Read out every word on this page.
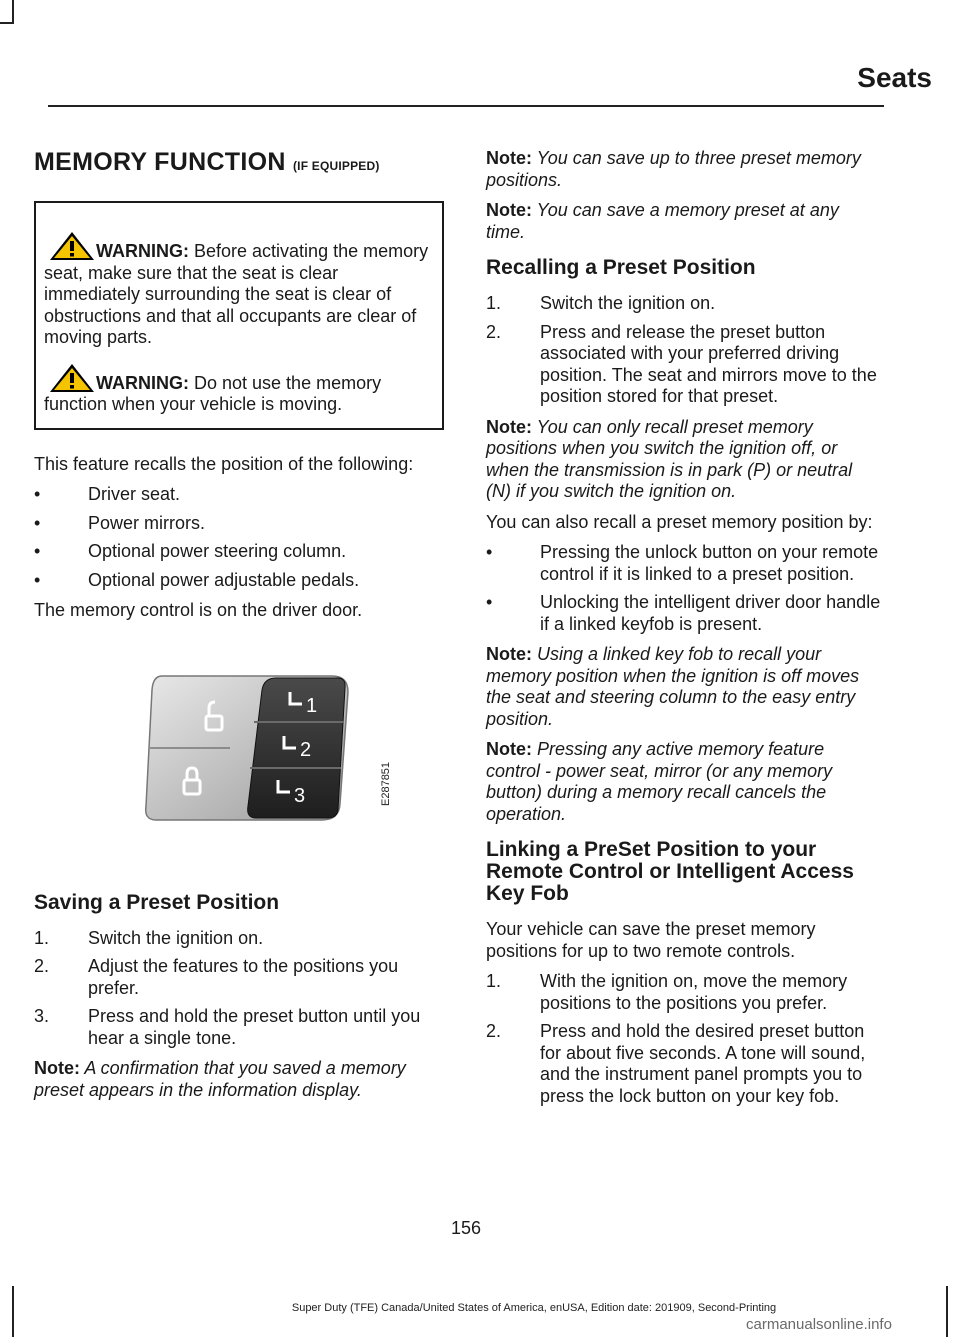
Seats
MEMORY FUNCTION (IF EQUIPPED)

WARNING: Before activating the memory seat, make sure that the seat is clear immediately surrounding the seat is clear of obstructions and that all occupants are clear of moving parts.

WARNING: Do not use the memory function when your vehicle is moving.

This feature recalls the position of the following:

• Driver seat.
• Power mirrors.
• Optional power steering column.
• Optional power adjustable pedals.

The memory control is on the driver door.

1
2
3	E287851
Saving a Preset Position
1. Switch the ignition on.
2. Adjust the features to the positions you prefer.
3. Press and hold the preset button until you hear a single tone.

Note: A confirmation that you saved a memory preset appears in the information display.

Note: You can save up to three preset memory positions.

Note: You can save a memory preset at any time.

Recalling a Preset Position
1. Switch the ignition on.
2. Press and release the preset button associated with your preferred driving position. The seat and mirrors move to the position stored for that preset.

Note: You can only recall preset memory positions when you switch the ignition off, or when the transmission is in park (P) or neutral (N) if you switch the ignition on.

You can also recall a preset memory position by:

• Pressing the unlock button on your remote control if it is linked to a preset position.
• Unlocking the intelligent driver door handle if a linked keyfob is present.

Note: Using a linked key fob to recall your memory position when the ignition is off moves the seat and steering column to the easy entry position.

Note: Pressing any active memory feature control - power seat, mirror (or any memory button) during a memory recall cancels the operation.

Linking a PreSet Position to your Remote Control or Intelligent Access Key Fob

Your vehicle can save the preset memory positions for up to two remote controls.

1. With the ignition on, move the memory positions to the positions you prefer.
2. Press and hold the desired preset button for about five seconds. A tone will sound, and the instrument panel prompts you to press the lock button on your key fob.
156
Super Duty (TFE) Canada/United States of America, enUSA, Edition date: 201909, Second-Printing
carmanualsonline.info
